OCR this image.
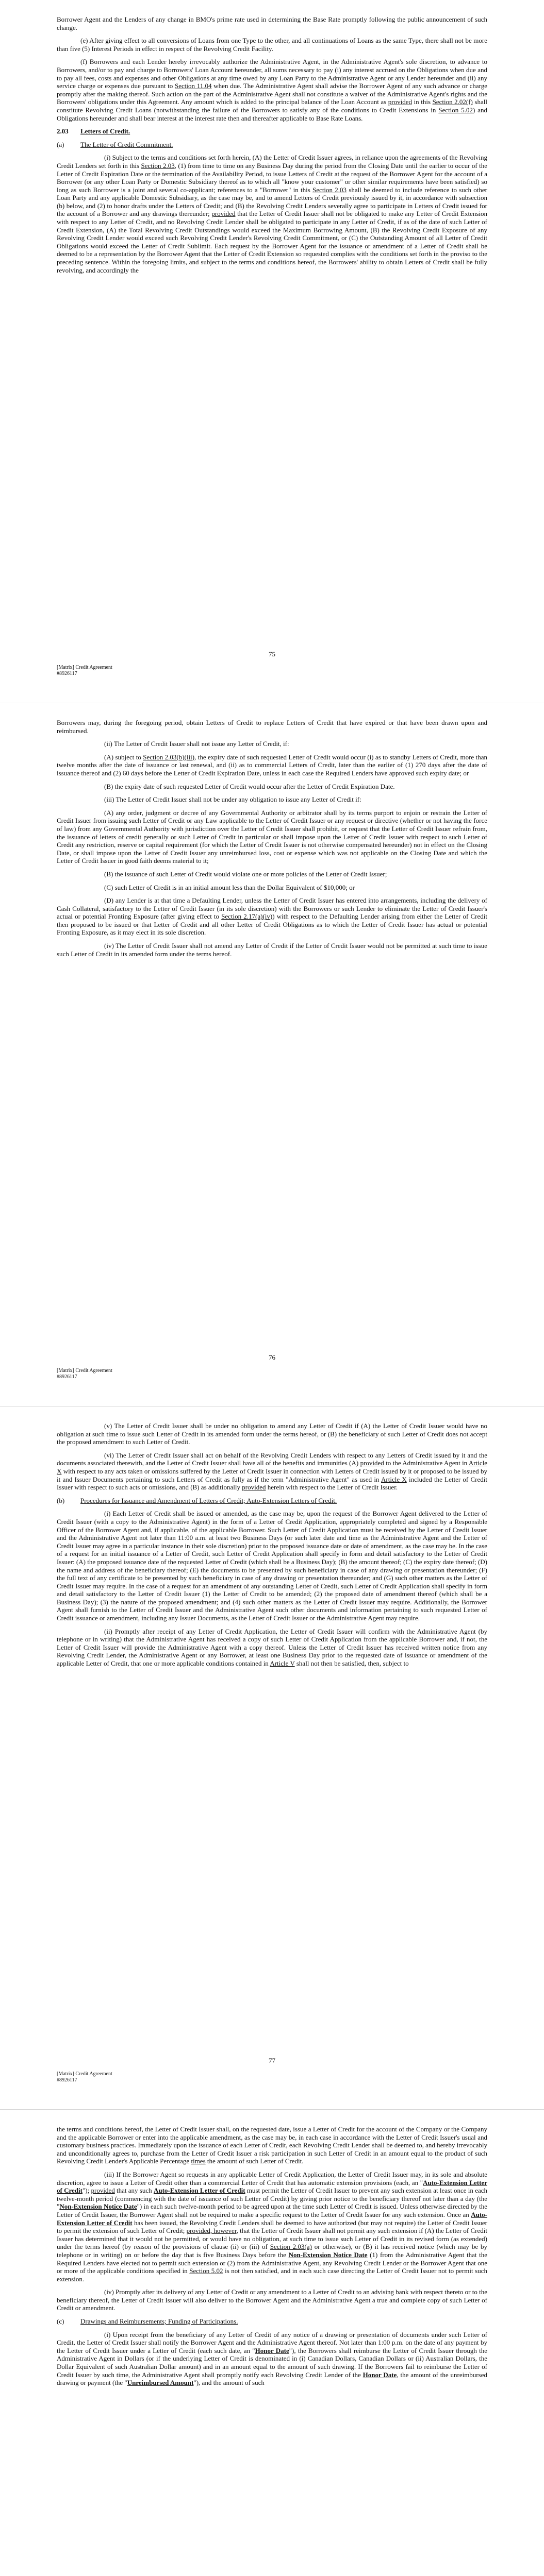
Borrower Agent and the Lenders of any change in BMO's prime rate used in determining the Base Rate promptly following the public announcement of such change.

(e) After giving effect to all conversions of Loans from one Type to the other, and all continuations of Loans as the same Type, there shall not be more than five (5) Interest Periods in effect in respect of the Revolving Credit Facility.

(f) Borrowers and each Lender hereby irrevocably authorize the Administrative Agent, in the Administrative Agent's sole discretion, to advance to Borrowers, and/or to pay and charge to Borrowers' Loan Account hereunder, all sums necessary to pay (i) any interest accrued on the Obligations when due and to pay all fees, costs and expenses and other Obligations at any time owed by any Loan Party to the Administrative Agent or any Lender hereunder and (ii) any service charge or expenses due pursuant to Section 11.04 when due. The Administrative Agent shall advise the Borrower Agent of any such advance or charge promptly after the making thereof. Such action on the part of the Administrative Agent shall not constitute a waiver of the Administrative Agent's rights and the Borrowers' obligations under this Agreement. Any amount which is added to the principal balance of the Loan Account as provided in this Section 2.02(f) shall constitute Revolving Credit Loans (notwithstanding the failure of the Borrowers to satisfy any of the conditions to Credit Extensions in Section 5.02) and Obligations hereunder and shall bear interest at the interest rate then and thereafter applicable to Base Rate Loans.

2.03 Letters of Credit.

(a) The Letter of Credit Commitment.

(i) Subject to the terms and conditions set forth herein, (A) the Letter of Credit Issuer agrees, in reliance upon the agreements of the Revolving Credit Lenders set forth in this Section 2.03, (1) from time to time on any Business Day during the period from the Closing Date until the earlier to occur of the Letter of Credit Expiration Date or the termination of the Availability Period, to issue Letters of Credit at the request of the Borrower Agent for the account of a Borrower (or any other Loan Party or Domestic Subsidiary thereof as to which all "know your customer" or other similar requirements have been satisfied) so long as such Borrower is a joint and several co-applicant; references to a "Borrower" in this Section 2.03 shall be deemed to include reference to such other Loan Party and any applicable Domestic Subsidiary, as the case may be, and to amend Letters of Credit previously issued by it, in accordance with subsection (b) below, and (2) to honor drafts under the Letters of Credit; and (B) the Revolving Credit Lenders severally agree to participate in Letters of Credit issued for the account of a Borrower and any drawings thereunder; provided that the Letter of Credit Issuer shall not be obligated to make any Letter of Credit Extension with respect to any Letter of Credit, and no Revolving Credit Lender shall be obligated to participate in any Letter of Credit, if as of the date of such Letter of Credit Extension, (A) the Total Revolving Credit Outstandings would exceed the Maximum Borrowing Amount, (B) the Revolving Credit Exposure of any Revolving Credit Lender would exceed such Revolving Credit Lender's Revolving Credit Commitment, or (C) the Outstanding Amount of all Letter of Credit Obligations would exceed the Letter of Credit Sublimit. Each request by the Borrower Agent for the issuance or amendment of a Letter of Credit shall be deemed to be a representation by the Borrower Agent that the Letter of Credit Extension so requested complies with the conditions set forth in the proviso to the preceding sentence. Within the foregoing limits, and subject to the terms and conditions hereof, the Borrowers' ability to obtain Letters of Credit shall be fully revolving, and accordingly the

75
[Matrix] Credit Agreement
#8926117

Borrowers may, during the foregoing period, obtain Letters of Credit to replace Letters of Credit that have expired or that have been drawn upon and reimbursed.

(ii) The Letter of Credit Issuer shall not issue any Letter of Credit, if:

(A) subject to Section 2.03(b)(iii), the expiry date of such requested Letter of Credit would occur (i) as to standby Letters of Credit, more than twelve months after the date of issuance or last renewal, and (ii) as to commercial Letters of Credit, later than the earlier of (1) 270 days after the date of issuance thereof and (2) 60 days before the Letter of Credit Expiration Date, unless in each case the Required Lenders have approved such expiry date; or

(B) the expiry date of such requested Letter of Credit would occur after the Letter of Credit Expiration Date.

(iii) The Letter of Credit Issuer shall not be under any obligation to issue any Letter of Credit if:

(A) any order, judgment or decree of any Governmental Authority or arbitrator shall by its terms purport to enjoin or restrain the Letter of Credit Issuer from issuing such Letter of Credit or any Law applicable to the Letter of Credit Issuer or any request or directive (whether or not having the force of law) from any Governmental Authority with jurisdiction over the Letter of Credit Issuer shall prohibit, or request that the Letter of Credit Issuer refrain from, the issuance of letters of credit generally or such Letter of Credit in particular or shall impose upon the Letter of Credit Issuer with respect to such Letter of Credit any restriction, reserve or capital requirement (for which the Letter of Credit Issuer is not otherwise compensated hereunder) not in effect on the Closing Date, or shall impose upon the Letter of Credit Issuer any unreimbursed loss, cost or expense which was not applicable on the Closing Date and which the Letter of Credit Issuer in good faith deems material to it;

(B) the issuance of such Letter of Credit would violate one or more policies of the Letter of Credit Issuer;

(C) such Letter of Credit is in an initial amount less than the Dollar Equivalent of $10,000; or

(D) any Lender is at that time a Defaulting Lender, unless the Letter of Credit Issuer has entered into arrangements, including the delivery of Cash Collateral, satisfactory to the Letter of Credit Issuer (in its sole discretion) with the Borrowers or such Lender to eliminate the Letter of Credit Issuer's actual or potential Fronting Exposure (after giving effect to Section 2.17(a)(iv)) with respect to the Defaulting Lender arising from either the Letter of Credit then proposed to be issued or that Letter of Credit and all other Letter of Credit Obligations as to which the Letter of Credit Issuer has actual or potential Fronting Exposure, as it may elect in its sole discretion.

(iv) The Letter of Credit Issuer shall not amend any Letter of Credit if the Letter of Credit Issuer would not be permitted at such time to issue such Letter of Credit in its amended form under the terms hereof.

76
[Matrix] Credit Agreement
#8926117

(v) The Letter of Credit Issuer shall be under no obligation to amend any Letter of Credit if (A) the Letter of Credit Issuer would have no obligation at such time to issue such Letter of Credit in its amended form under the terms hereof, or (B) the beneficiary of such Letter of Credit does not accept the proposed amendment to such Letter of Credit.

(vi) The Letter of Credit Issuer shall act on behalf of the Revolving Credit Lenders with respect to any Letters of Credit issued by it and the documents associated therewith, and the Letter of Credit Issuer shall have all of the benefits and immunities (A) provided to the Administrative Agent in Article X with respect to any acts taken or omissions suffered by the Letter of Credit Issuer in connection with Letters of Credit issued by it or proposed to be issued by it and Issuer Documents pertaining to such Letters of Credit as fully as if the term "Administrative Agent" as used in Article X included the Letter of Credit Issuer with respect to such acts or omissions, and (B) as additionally provided herein with respect to the Letter of Credit Issuer.

(b) Procedures for Issuance and Amendment of Letters of Credit; Auto-Extension Letters of Credit.

(i) Each Letter of Credit shall be issued or amended, as the case may be, upon the request of the Borrower Agent delivered to the Letter of Credit Issuer (with a copy to the Administrative Agent) in the form of a Letter of Credit Application, appropriately completed and signed by a Responsible Officer of the Borrower Agent and, if applicable, of the applicable Borrower. Such Letter of Credit Application must be received by the Letter of Credit Issuer and the Administrative Agent not later than 11:00 a.m. at least two Business Days (or such later date and time as the Administrative Agent and the Letter of Credit Issuer may agree in a particular instance in their sole discretion) prior to the proposed issuance date or date of amendment, as the case may be. In the case of a request for an initial issuance of a Letter of Credit, such Letter of Credit Application shall specify in form and detail satisfactory to the Letter of Credit Issuer: (A) the proposed issuance date of the requested Letter of Credit (which shall be a Business Day); (B) the amount thereof; (C) the expiry date thereof; (D) the name and address of the beneficiary thereof; (E) the documents to be presented by such beneficiary in case of any drawing or presentation thereunder; (F) the full text of any certificate to be presented by such beneficiary in case of any drawing or presentation thereunder; and (G) such other matters as the Letter of Credit Issuer may require. In the case of a request for an amendment of any outstanding Letter of Credit, such Letter of Credit Application shall specify in form and detail satisfactory to the Letter of Credit Issuer (1) the Letter of Credit to be amended; (2) the proposed date of amendment thereof (which shall be a Business Day); (3) the nature of the proposed amendment; and (4) such other matters as the Letter of Credit Issuer may require. Additionally, the Borrower Agent shall furnish to the Letter of Credit Issuer and the Administrative Agent such other documents and information pertaining to such requested Letter of Credit issuance or amendment, including any Issuer Documents, as the Letter of Credit Issuer or the Administrative Agent may require.

(ii) Promptly after receipt of any Letter of Credit Application, the Letter of Credit Issuer will confirm with the Administrative Agent (by telephone or in writing) that the Administrative Agent has received a copy of such Letter of Credit Application from the applicable Borrower and, if not, the Letter of Credit Issuer will provide the Administrative Agent with a copy thereof. Unless the Letter of Credit Issuer has received written notice from any Revolving Credit Lender, the Administrative Agent or any Borrower, at least one Business Day prior to the requested date of issuance or amendment of the applicable Letter of Credit, that one or more applicable conditions contained in Article V shall not then be satisfied, then, subject to

77
[Matrix] Credit Agreement
#8926117

the terms and conditions hereof, the Letter of Credit Issuer shall, on the requested date, issue a Letter of Credit for the account of the Company or the Company and the applicable Borrower or enter into the applicable amendment, as the case may be, in each case in accordance with the Letter of Credit Issuer's usual and customary business practices. Immediately upon the issuance of each Letter of Credit, each Revolving Credit Lender shall be deemed to, and hereby irrevocably and unconditionally agrees to, purchase from the Letter of Credit Issuer a risk participation in such Letter of Credit in an amount equal to the product of such Revolving Credit Lender's Applicable Percentage times the amount of such Letter of Credit.

(iii) If the Borrower Agent so requests in any applicable Letter of Credit Application, the Letter of Credit Issuer may, in its sole and absolute discretion, agree to issue a Letter of Credit other than a commercial Letter of Credit that has automatic extension provisions (each, an "Auto-Extension Letter of Credit"); provided that any such Auto-Extension Letter of Credit must permit the Letter of Credit Issuer to prevent any such extension at least once in each twelve-month period (commencing with the date of issuance of such Letter of Credit) by giving prior notice to the beneficiary thereof not later than a day (the "Non-Extension Notice Date") in each such twelve-month period to be agreed upon at the time such Letter of Credit is issued. Unless otherwise directed by the Letter of Credit Issuer, the Borrower Agent shall not be required to make a specific request to the Letter of Credit Issuer for any such extension. Once an Auto-Extension Letter of Credit has been issued, the Revolving Credit Lenders shall be deemed to have authorized (but may not require) the Letter of Credit Issuer to permit the extension of such Letter of Credit; provided, however, that the Letter of Credit Issuer shall not permit any such extension if (A) the Letter of Credit Issuer has determined that it would not be permitted, or would have no obligation, at such time to issue such Letter of Credit in its revised form (as extended) under the terms hereof (by reason of the provisions of clause (ii) or (iii) of Section 2.03(a) or otherwise), or (B) it has received notice (which may be by telephone or in writing) on or before the day that is five Business Days before the Non-Extension Notice Date (1) from the Administrative Agent that the Required Lenders have elected not to permit such extension or (2) from the Administrative Agent, any Revolving Credit Lender or the Borrower Agent that one or more of the applicable conditions specified in Section 5.02 is not then satisfied, and in each such case directing the Letter of Credit Issuer not to permit such extension.

(iv) Promptly after its delivery of any Letter of Credit or any amendment to a Letter of Credit to an advising bank with respect thereto or to the beneficiary thereof, the Letter of Credit Issuer will also deliver to the Borrower Agent and the Administrative Agent a true and complete copy of such Letter of Credit or amendment.

(c) Drawings and Reimbursements; Funding of Participations.

(i) Upon receipt from the beneficiary of any Letter of Credit of any notice of a drawing or presentation of documents under such Letter of Credit, the Letter of Credit Issuer shall notify the Borrower Agent and the Administrative Agent thereof. Not later than 1:00 p.m. on the date of any payment by the Letter of Credit Issuer under a Letter of Credit (each such date, an "Honor Date"), the Borrowers shall reimburse the Letter of Credit Issuer through the Administrative Agent in Dollars (or if the underlying Letter of Credit is denominated in (i) Canadian Dollars, Canadian Dollars or (ii) Australian Dollars, the Dollar Equivalent of such Australian Dollar amount) and in an amount equal to the amount of such drawing. If the Borrowers fail to reimburse the Letter of Credit Issuer by such time, the Administrative Agent shall promptly notify each Revolving Credit Lender of the Honor Date, the amount of the unreimbursed drawing or payment (the "Unreimbursed Amount"), and the amount of such
